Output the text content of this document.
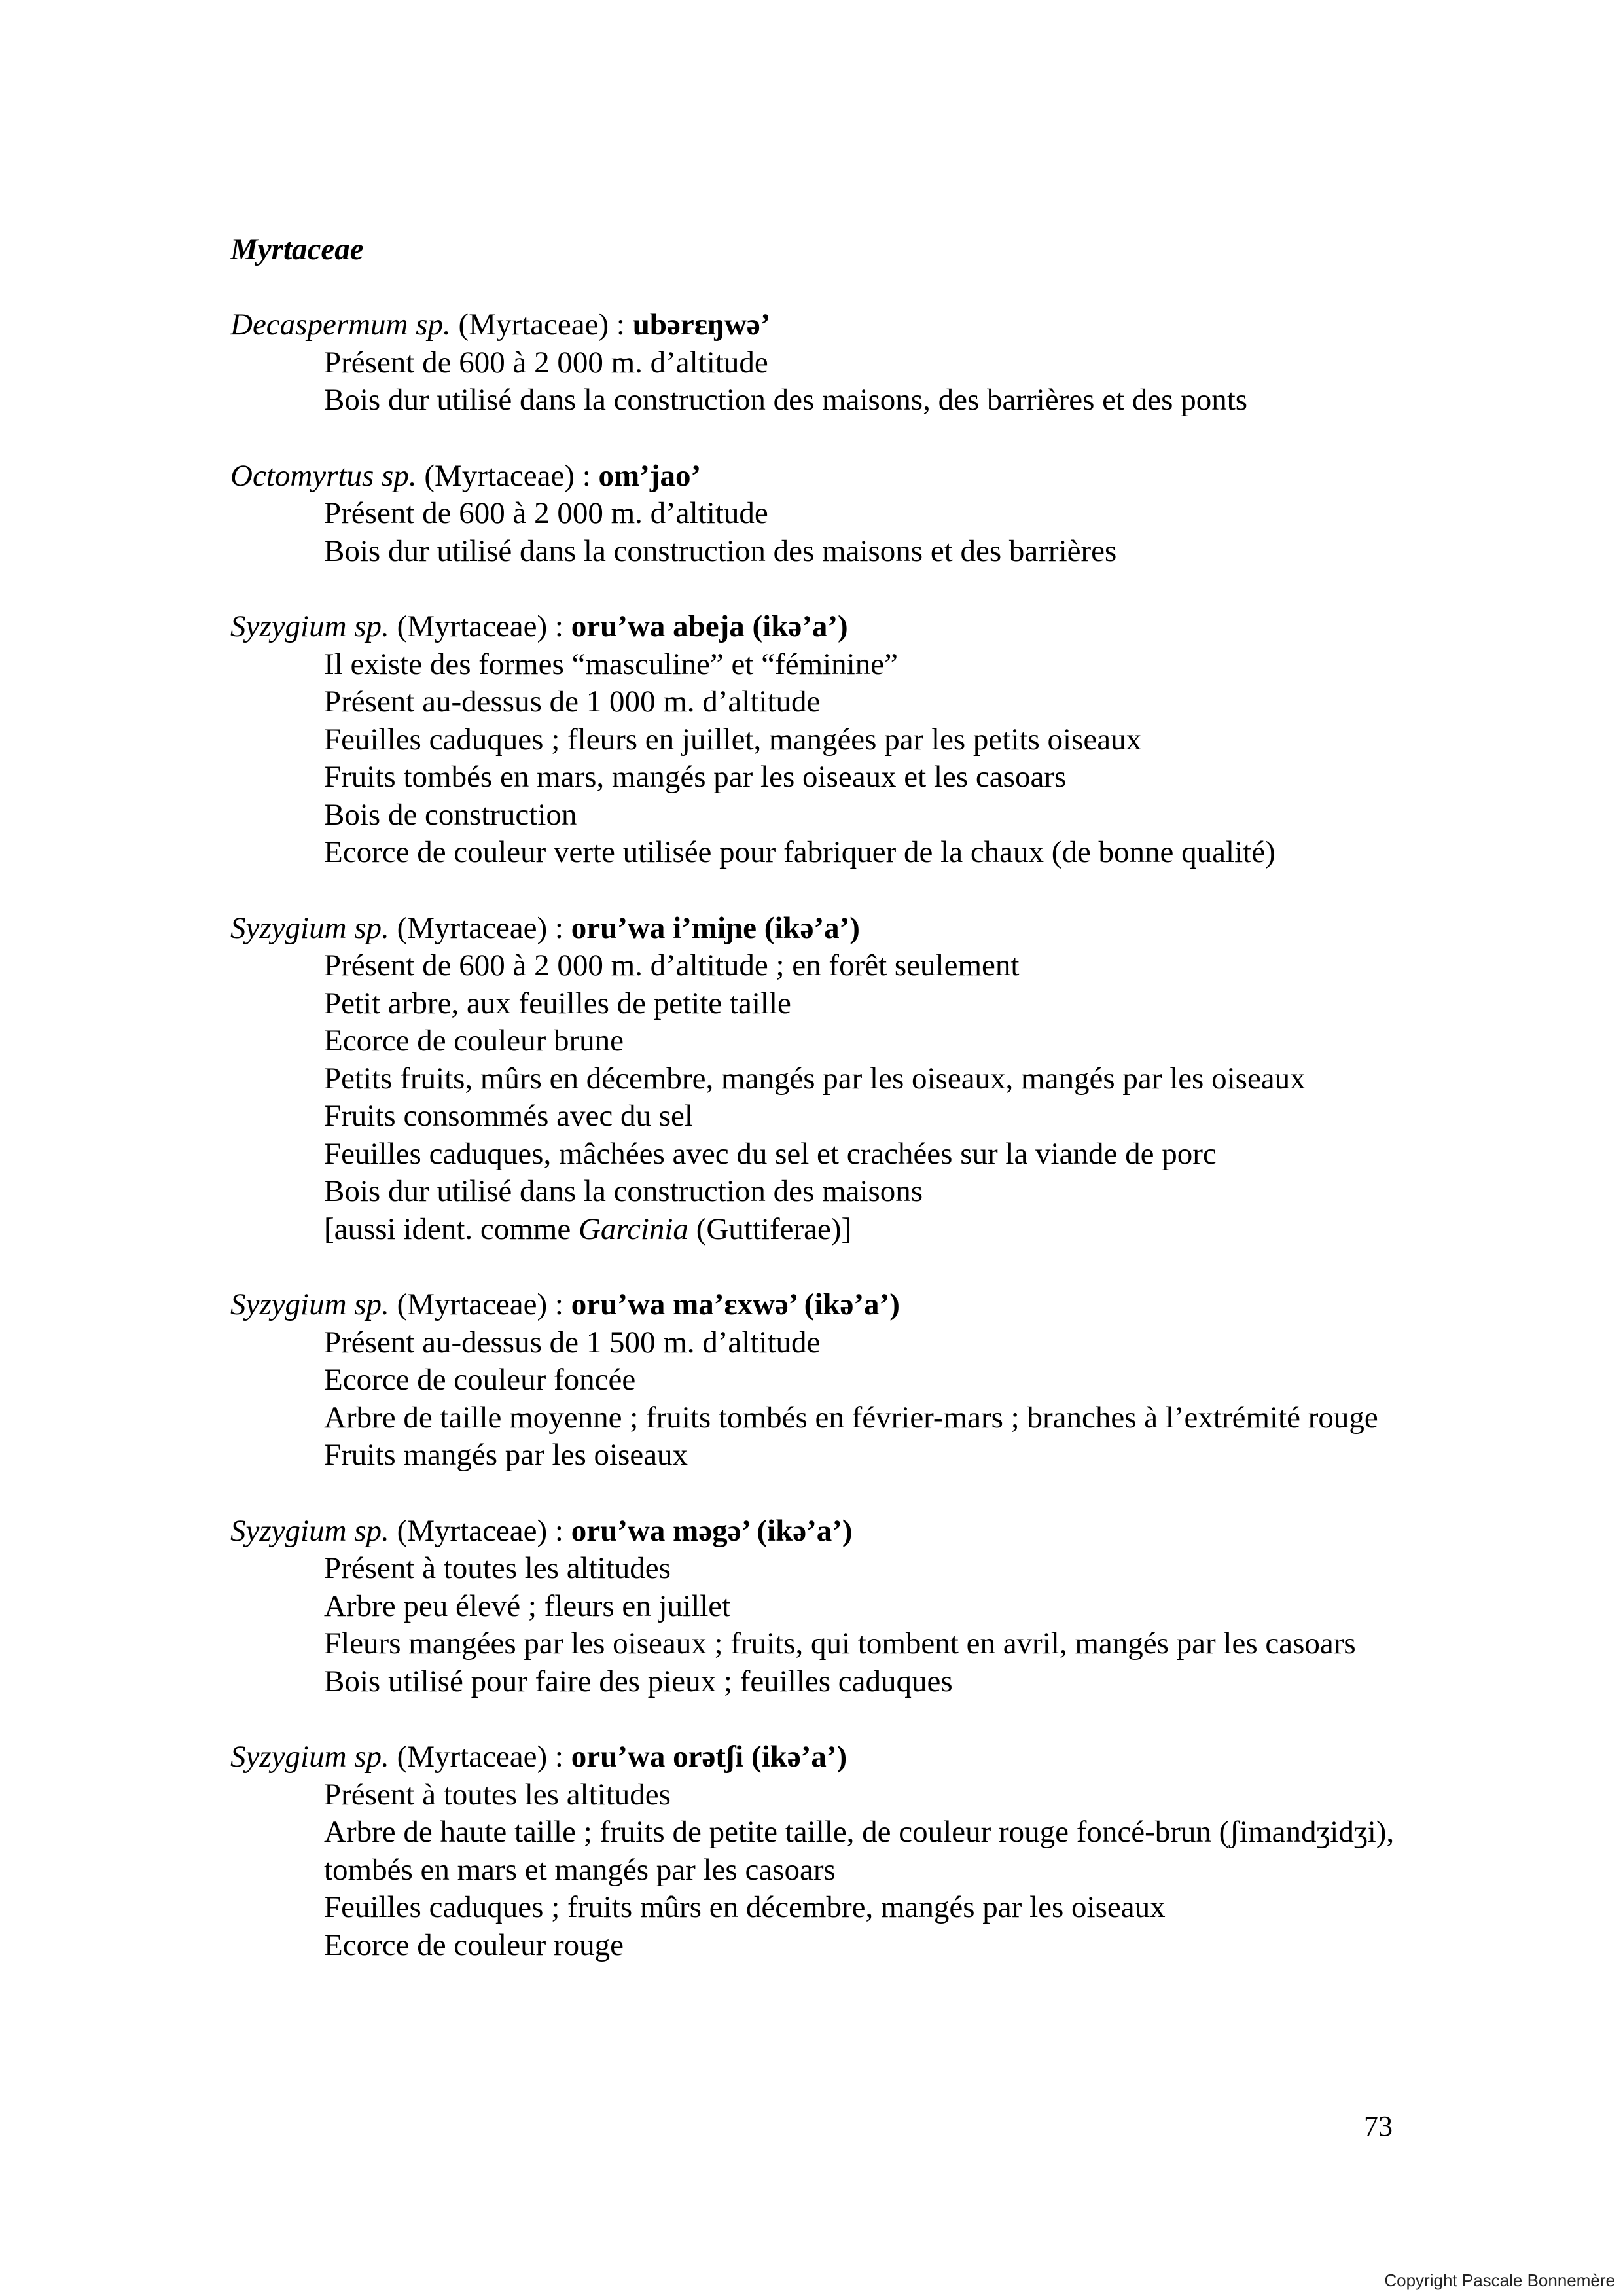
Myrtaceae

Decaspermum sp. (Myrtaceae) : ubərɛŋwə’

Présent de 600 à 2 000 m. d’altitude

Bois dur utilisé dans la construction des maisons, des barrières et des ponts

Octomyrtus sp. (Myrtaceae) : om’jao’

Présent de 600 à 2 000 m. d’altitude

Bois dur utilisé dans la construction des maisons et des barrières

Syzygium sp. (Myrtaceae) : oru’wa abeja (ikə’a’)

Il existe des formes “masculine” et “féminine”

Présent au-dessus de 1 000 m. d’altitude

Feuilles caduques ; fleurs en juillet, mangées par les petits oiseaux

Fruits tombés en mars, mangés par les oiseaux et les casoars

Bois de construction

Ecorce de couleur verte utilisée pour fabriquer de la chaux (de bonne qualité)

Syzygium sp. (Myrtaceae) : oru’wa i’miɲe (ikə’a’)

Présent de 600 à 2 000 m. d’altitude ; en forêt seulement

Petit arbre, aux feuilles de petite taille

Ecorce de couleur brune

Petits fruits, mûrs en décembre, mangés par les oiseaux, mangés par les oiseaux

Fruits consommés avec du sel

Feuilles caduques, mâchées avec du sel et crachées sur la viande de porc

Bois dur utilisé dans la construction des maisons

[aussi ident. comme Garcinia (Guttiferae)]

Syzygium sp. (Myrtaceae) : oru’wa ma’ɛxwə’ (ikə’a’)

Présent au-dessus de 1 500 m. d’altitude

Ecorce de couleur foncée

Arbre de taille moyenne ; fruits tombés en février-mars ; branches à l’extrémité rouge

Fruits mangés par les oiseaux

Syzygium sp. (Myrtaceae) : oru’wa məgə’ (ikə’a’)

Présent à toutes les altitudes

Arbre peu élevé ; fleurs en juillet

Fleurs mangées par les oiseaux ; fruits, qui tombent en avril, mangés par les casoars

Bois utilisé pour faire des pieux ; feuilles caduques

Syzygium sp. (Myrtaceae) : oru’wa orətʃi (ikə’a’)

Présent à toutes les altitudes

Arbre de haute taille ; fruits de petite taille, de couleur rouge foncé-brun (ʃimandʒidʒi), tombés en mars et mangés par les casoars

Feuilles caduques ; fruits mûrs en décembre, mangés par les oiseaux

Ecorce de couleur rouge

73
Copyright Pascale Bonnemère
